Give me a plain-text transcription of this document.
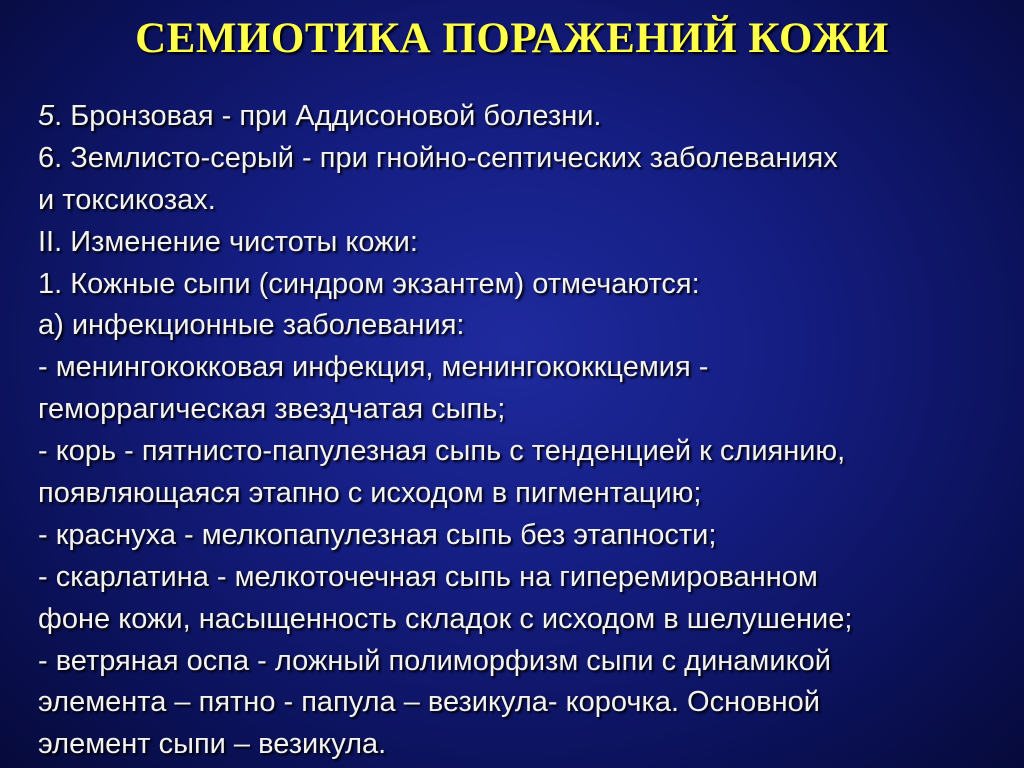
СЕМИОТИКА ПОРАЖЕНИЙ КОЖИ
5. Бронзовая - при Аддисоновой болезни.
6. Землисто-серый - при гнойно-септических заболеваниях
и токсикозах.
II. Изменение чистоты кожи:
1. Кожные сыпи (синдром экзантем) отмечаются:
а) инфекционные заболевания:
- менингококковая инфекция, менингококкцемия -
геморрагическая звездчатая сыпь;
- корь - пятнисто-папулезная сыпь с тенденцией к слиянию,
появляющаяся этапно с исходом в пигментацию;
- краснуха - мелкопапулезная сыпь без этапности;
- скарлатина - мелкоточечная сыпь на гиперемированном
фоне кожи, насыщенность складок с исходом в шелушение;
- ветряная оспа - ложный полиморфизм сыпи с динамикой
элемента – пятно - папула – везикула- корочка. Основной
элемент сыпи – везикула.
